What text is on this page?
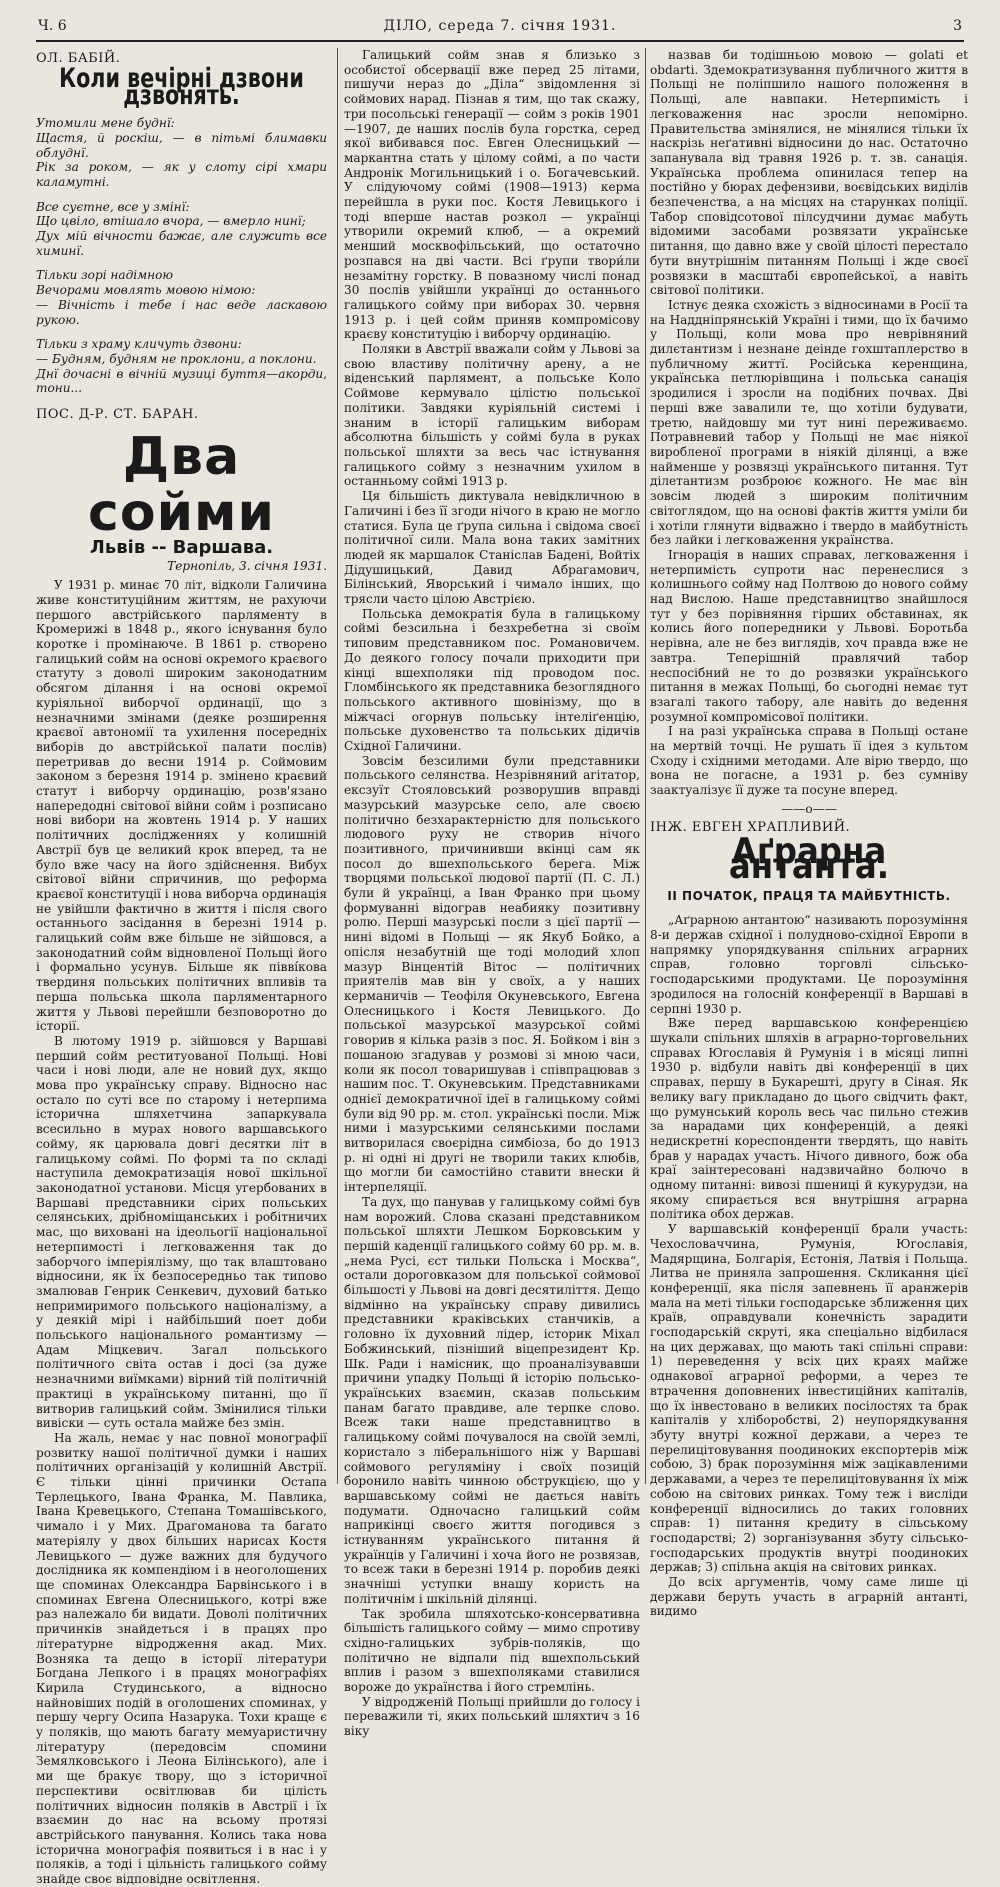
Ч. 6	ДІЛО, середа 7. січня 1931.	3

ОЛ. БАБІЙ.

Коли вечірні дзвони дзвонять.
Утомили мене буднї:
Щастя, й роскіш, — в пітьмі блимавки облуднї.
Рік за роком, — як у слоту сірі хмари каламутні.
Все суєтне, все у змінї:
Що цвіло, втішало вчора, — вмерло нинї;
Дух мій вічности бажає, але служить все химинї.
Тільки зорі надімною
Вечорами мовлять мовою німою:
— Вічність і тебе і нас веде ласкавою рукою.
Тільки з храму кличуть дзвони:
— Будням, будням не проклони, а поклони.
Днї дочасні в вічній музиці буття—акорди, тони...

ПОС. Д-Р. СТ. БАРАН.

Два сойми
Львів -- Варшава.

Тернопіль, 3. січня 1931.

У 1931 р. минає 70 літ, відколи Галичина живе конституційним життям, не рахуючи першого австрійського парляменту в Кромерижі в 1848 р., якого існування було коротке і промінаюче. В 1861 р. створено галицький сойм на основі окремого краєвого статуту з доволі широким законодатним обсягом ділання і на основі окремої куріяльної виборчої ординації, що з незначними змінами (деяке розширення краєвої автономії та ухилення посередніх виборів до австрійської палати послів) перетривав до весни 1914 р. Соймовим законом з березня 1914 р. змінено краєвий статут і виборчу ординацію, розв'язано напередодні світової війни сойм і розписано нові вибори на жовтень 1914 р. У наших політичних дослідженнях у колишній Австрії був це великий крок вперед, та не було вже часу на його здійснення. Вибух світової війни спричинив, що реформа краєвої конституції і нова виборча ординація не увійшли фактично в життя і після свого останнього засідання в березні 1914 р. галицький сойм вже більше не зійшовся, а законодатний сойм відновленої Польщі його і формально усунув. Більше як півві́кова твердиня польських політичних впливів та перша польська школа парляментарного життя у Львові перейшли безповоротно до історії.

В лютому 1919 р. зійшовся у Варшаві перший сойм реституованої Польщі. Нові часи і нові люди, але не новий дух, якщо мова про українську справу. Відносно нас остало по суті все по старому і нетерпима історична шляхетчина запаркувала всесильно в мурах нового варшавського сойму, як царювала довгі десятки літ в галицькому соймі. По формі та по складі наступила демократизація нової шкільної законодатної установи. Місця угербованих в Варшаві представники сірих польських селянських, дрібноміщанських і робітничих мас, що виховані на ідеольогії національної нетерпимості і легковаження так до заборчого імперіялізму, що так влаштовано відносини, як їх безпосередньо так типово змалював Генрик Сенкевич, духовий батько непримиримого польського націоналізму, а у деякій мірі і найбільший поет доби польського національного романтизму — Адам Міцкевич. Загал польського політичного світа остав і досі (за дуже незначними виїмками) вірний тій політичній практиці в українському питанні, що її витворив галицький сойм. Змінилися тільки вивіски — суть остала майже без змін.

На жаль, немає у нас повної монографії розвитку нашої політичної думки і наших політичних організацій у колишній Австрії. Є тільки цінні причинки Остапа Терлецького, Івана Франка, М. Павлика, Івана Кревецького, Степана Томашівського, чимало і у Мих. Драгоманова та багато матеріялу у двох більших нарисах Костя Левицького — дуже важних для будучого дослідника як компендіюм і в неоголошених ще споминах Олександра Барвінського і в споминах Евгена Олесницького, котрі вже раз належало би видати. Доволі політичних причинків знайдеться і в працях про літературне відродження акад. Мих. Возняка та дещо в історії літератури Богдана Лепкого і в працях монографіях Кирила Студинського, а відносно найновіших подій в оголошених споминах, у першу чергу Осипа Назарука. Тохи краще є у поляків, що мають багату мемуаристичну літературу (передовсім спомини Земялковського і Леона Білінського), але і ми ще бракує твору, що з історичної перспективи освітлював би цілість політичних відносин поляків в Австрії і їх взаємин до нас на всьому протязі австрійського панування. Колись така нова історична монографія появиться і в нас і у поляків, а тоді і цільність галицького сойму знайде своє відповідне освітлення.

Галицький сойм знав я близько з особистої обсервації вже перед 25 літами, пишучи нераз до „Діла“ звідомлення зі соймових нарад. Пізнав я тим, що так скажу, три посольські генерації — сойм з років 1901—1907, де наших послів була горстка, серед якої вибивався пос. Евген Олесницький — маркантна стать у цілому соймі, а по части Андронік Могильницький і о. Богачевський. У слідуючому соймі (1908—1913) керма перейшла в руки пос. Костя Левицького і тоді вперше настав розкол — українці утворили окремий клюб, — а окремий менший москвофільський, що остаточно розпався на дві части. Всі ґрупи твори́ли незамітну горстку. В повазному числі понад 30 послів увійшли українці до останнього галицького сойму при виборах 30. червня 1913 р. і цей сойм приняв компромісову краєву конституцію і виборчу ординацію.

Поляки в Австрії вважали сойм у Львові за свою властиву політичну арену, а не віденський парлямент, а польське Коло Соймове кермувало цілістю польської політики. Завдяки куріяльній системі і знаним в історії галицьким виборам абсолютна більшість у соймі була в руках польської шляхти за весь час істнування галицького сойму з незначним ухилом в останньому соймі 1913 р.

Ця більшість диктувала невідкличною в Галичині і без її згоди нічого в краю не могло статися. Була це ґрупа сильна і свідома своєї політичної сили. Мала вона таких замітних людей як маршалок Станіслав Бадені, Войтіх Дідушицький, Давид Абрагамович, Білінський, Яворський і чимало інших, що трясли часто цілою Австрією.

Польська демократія була в галицькому соймі безсильна і безхребетна зі своїм типовим представником пос. Романовичем. До деякого голосу почали приходити при кінці вшехполяки під проводом пос. Гломбінського як представника безоглядного польського активного шовінізму, що в міжчасі огорнув польську інтеліґенцію, польське духовенство та польських дідичів Східної Галичини.

Зовсім безсилими були представники польського селянства. Незрівняний агітатор, ексзуїт Стояловський розворушив вправді мазурський мазурське село, але своєю політично безхарактерністю для польського людового руху не створив нічого позитивного, причинивши вкінці сам як посол до вшехпольського берега. Між творцями польської людової партії (П. С. Л.) були й українці, а Іван Франко при цьому формуванні відограв неабияку позитивну ролю. Перші мазурські посли з цієї партії — нині відомі в Польщі — як Якуб Бойко, а опісля незабутній ще тоді молодий хлоп мазур Вінцентій Вітос — політичних приятелів мав він у своїх, а у наших керманичів — Теофіля Окуневського, Евгена Олесницького і Костя Левицького. До польської мазурської мазурської соймі говорив я кілька разів з пос. Я. Бойком і він з пошаною згадував у розмові зі мною часи, коли як посол товаришував і співпрацював з нашим пос. Т. Окуневським. Представниками однієї демократичної ідеї в галицькому соймі були від 90 рр. м. стол. українські посли. Між ними і мазурськими селянськими послами витворилася своєрідна симбіоза, бо до 1913 р. ні одні ні другі не творили таких клюбів, що могли би самостійно ставити внески й інтерпеляції.

Та дух, що панував у галицькому соймі був нам ворожий. Слова сказані представником польської шляхти Лешком Борковським у першій каденції галицького сойму 60 рр. м. в. „нема Русі, єст тильки Польска і Москва“, остали дороговказом для польської соймової більшості у Львові на довгі десятиліття. Дещо відмінно на українську справу дивились представники краківських станчиків, а головно їх духовний лідер, історик Міхал Бобжинський, пізніший віцепрезидент Кр. Шк. Ради і намісник, що проаналізувавши причини упадку Польщі й історію польсько-українських взаємин, сказав польським панам багато правдиве, але терпке слово. Всеж таки наше представництво в галицькому соймі почувалося на своїй землі, користало з ліберальнішого ніж у Варшаві соймового регуляміну і своїх позицій боронило навіть чинною обструкцією, що у варшавському соймі не дається навіть подумати. Одночасно галицький сойм наприкінці своєго життя погодився з істнуванням українського питання й українців у Галичині і хоча його не розвязав, то всеж таки в березні 1914 р. поробив деякі значніші уступки внашу користь на політичнім і шкільній ділянці.

Так зробила шляхотсько-консервативна більшість галицького сойму — мимо спротиву східно-галицьких зубрів-поляків, що політично не відпали під вшехпольський вплив і разом з вшехполяками ставилися вороже до українства і його стремлінь.

У відродженій Польщі прийшли до голосу і переважили ті, яких польський шляхтич з 16 віку

назвав би тодішньою мовою — golati et obdarti. Здемократизування публичного життя в Польщі не поліпшило нашого положення в Польщі, але навпаки. Нетерпимість і легковаження нас зросли непомірно. Правительства змінялися, не мінялися тільки їх наскрізь неґативні відносини до нас. Остаточно запанувала від травня 1926 р. т. зв. санація. Українська проблема опинилася тепер на постійно у бюрах дефензиви, воєвідських виділів безпеченства, а на місцях на старунках поліції. Табор сповідсотової пілсудчини думає мабуть відомими засобами розвязати українське питання, що давно вже у своїй цілості перестало бути внутрішнім питанням Польщі і жде своєї розвязки в масштабі європейської, а навіть світової політики.

Істнує деяка схожість з відносинами в Росії та на Наддніпрянській Україні і тими, що їх бачимо у Польщі, коли мова про неврівняний дилєтантизм і незнане деінде гохштаплерство в публичному життї. Російська керенщина, українська петлюрівщина і польська санація зродилися і зросли на подібних почвах. Дві перші вже завалили те, що хотіли будувати, третю, найдовшу ми тут нині переживаємо. Потравневий табор у Польщі не має ніякої виробленої програми в ніякій ділянці, а вже найменше у розвязці українського питання. Тут ділетантизм розброює кожного. Не має він зовсім людей з широким політичним світоглядом, що на основі фактів життя уміли би і хотіли глянути відважно і твердо в майбутність без лайки і легковаження українства.

Ігнорація в наших справах, легковаження і нетерпимість супроти нас перенеслися з колишнього сойму над Полтвою до нового сойму над Вислою. Наше представництво знайшлося тут у без порівняння гірших обставинах, як колись його попередники у Львові. Боротьба нерівна, але не без виглядів, хоч правда вже не завтра. Теперішній правлячий табор неспосібний не то до розвязки українського питання в межах Польщі, бо сьогодні немає тут взагалі такого табору, але навіть до ведення розумної компромісової політики.

І на разі українська справа в Польщі остане на мертвій точці. Не рушать її ідея з культом Сходу і східними методами. Але вірю твердо, що вона не погасне, а 1931 р. без сумніву заактуалізує її дуже та посуне вперед.

——о——

ІНЖ. ЕВГЕН ХРАПЛИВИЙ.

Аґрарна антанта.
II ПОЧАТОК, ПРАЦЯ ТА МАЙБУТНІСТЬ.

„Аґрарною антантою“ називають порозуміння 8-и держав східної і полудново-східної Европи в напрямку упорядкування спільних аграрних справ, головно торговлі сільсько-господарськими продуктами. Це порозуміння зродилося на голосній конференції в Варшаві в серпні 1930 р.

Вже перед варшавською конференцією шукали спільних шляхів в аграрно-торговельних справах Югославія й Румунія і в місяці липні 1930 р. відбули навіть дві конференції в цих справах, першу в Букарешті, другу в Сіная. Як велику вагу прикладано до цього свідчить факт, що румунський король весь час пильно стежив за нарадами цих конференцій, а деякі недискретні кореспонденти твердять, що навіть брав у нарадах участь. Нічого дивного, бож оба краї заінтересовані надзвичайно болючо в одному питанні: вивозі пшениці й кукурудзи, на якому спирається вся внутрішня аграрна політика обох держав.

У варшавській конференції брали участь: Чехословаччина, Румунія, Югославія, Мадярщина, Болгарія, Естонія, Латвія і Польща. Литва не приняла запрошення. Скликання цієї конференції, яка після запевнень її аранжерів мала на меті тільки господарське зближення цих країв, оправдували конечність зарадити господарській скруті, яка спеціально відбилася на цих державах, що мають такі спільні справи: 1) переведення у всіх цих краях майже однакової аграрної реформи, а через те втрачення доповнених інвестиційних капіталів, що їх інвестовано в великих посілостях та брак капіталів у хліборобстві, 2) неупорядкування збуту внутрі кожної держави, а через те перелицітовування поодиноких експортерів між собою, 3) брак порозуміння між зацікавленими державами, а через те перелицітовування їх між собою на світових ринках. Тому теж і висліди конференції відносились до таких головних справ: 1) питання кредиту в сільському господарстві; 2) зорганізування збуту сільсько-господарських продуктів внутрі поодиноких держав; 3) спільна акція на світових ринках.

До всіх аргументів, чому саме лише ці держави беруть участь в аграрній антанті, видимо
